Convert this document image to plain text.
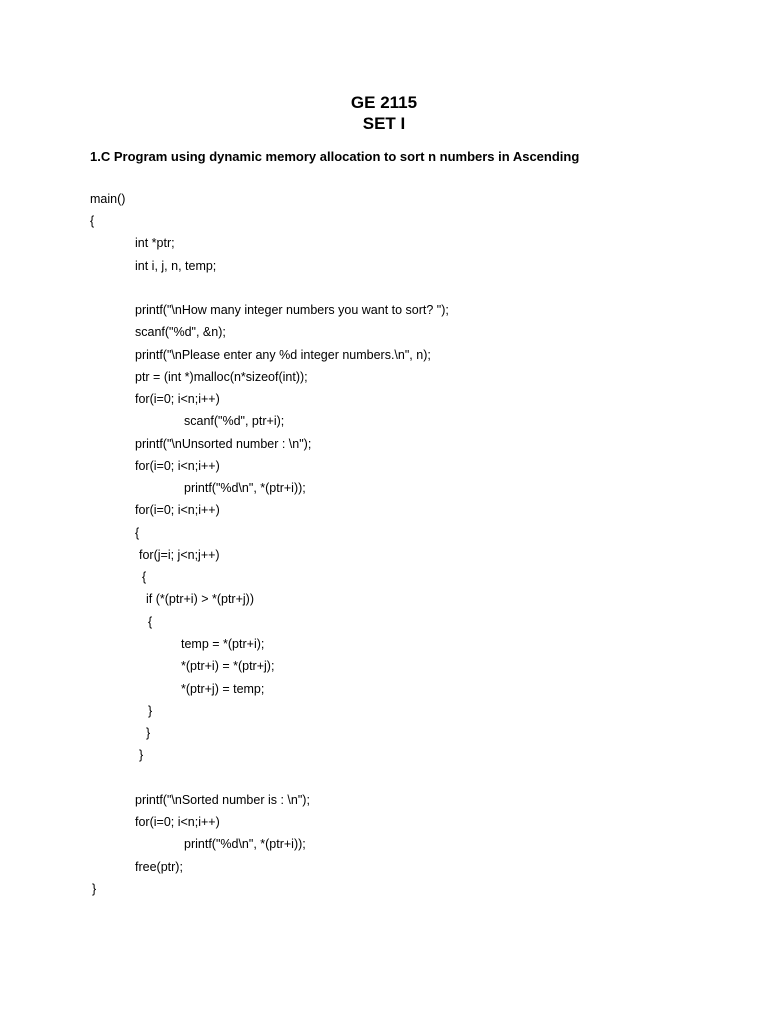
GE 2115
SET I
1.C Program using dynamic memory allocation to sort n numbers in Ascending
main()
{
int *ptr;
int i, j, n, temp;
printf("\nHow many integer numbers you want to sort? ");
scanf("%d", &n);
printf("\nPlease enter any %d integer numbers.\n", n);
ptr = (int *)malloc(n*sizeof(int));
for(i=0; i<n;i++)
scanf("%d", ptr+i);
printf("\nUnsorted number : \n");
for(i=0; i<n;i++)
printf("%d\n", *(ptr+i));
for(i=0; i<n;i++)
{
for(j=i; j<n;j++)
{
if (*(ptr+i) > *(ptr+j))
{
temp = *(ptr+i);
*(ptr+i) = *(ptr+j);
*(ptr+j) = temp;
}
}
}
printf("\nSorted number is : \n");
for(i=0; i<n;i++)
printf("%d\n", *(ptr+i));
free(ptr);
}
